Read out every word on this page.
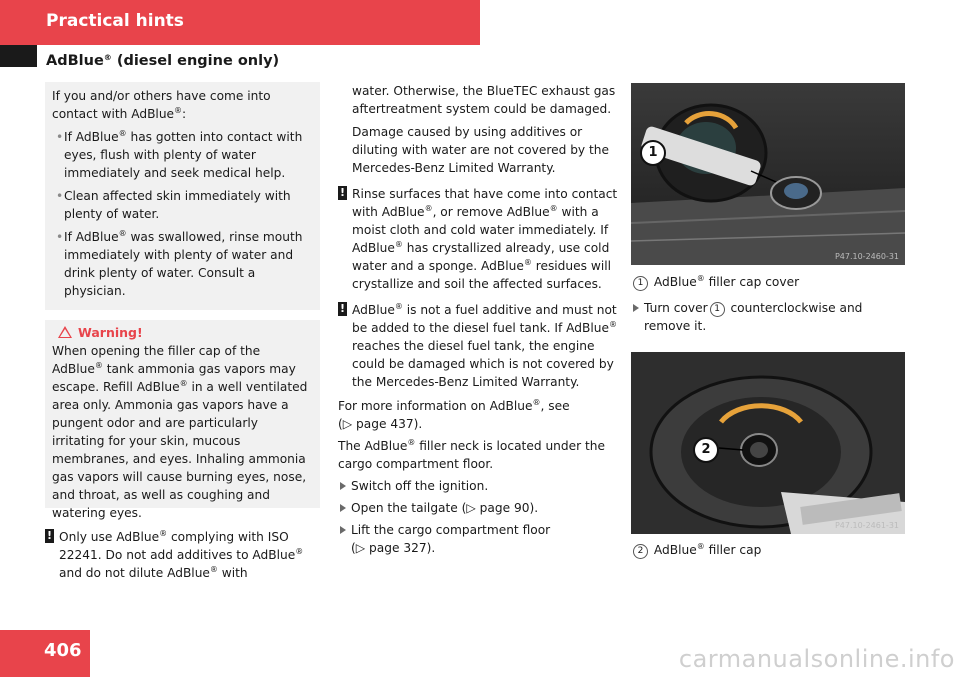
Practical hints
AdBlue® (diesel engine only)

If you and/or others have come into contact with AdBlue®:

• If AdBlue® has gotten into contact with eyes, flush with plenty of water immediately and seek medical help.

• Clean affected skin immediately with plenty of water.

• If AdBlue® was swallowed, rinse mouth immediately with plenty of water and drink plenty of water. Consult a physician.

Warning!

When opening the filler cap of the AdBlue® tank ammonia gas vapors may escape. Refill AdBlue® in a well ventilated area only. Ammonia gas vapors have a pungent odor and are particularly irritating for your skin, mucous membranes, and eyes. Inhaling ammonia gas vapors will cause burning eyes, nose, and throat, as well as coughing and watering eyes.

! Only use AdBlue® complying with ISO 22241. Do not add additives to AdBlue® and do not dilute AdBlue® with

water. Otherwise, the BlueTEC exhaust gas aftertreatment system could be damaged.

Damage caused by using additives or diluting with water are not covered by the Mercedes-Benz Limited Warranty.

! Rinse surfaces that have come into contact with AdBlue®, or remove AdBlue® with a moist cloth and cold water immediately. If AdBlue® has crystallized already, use cold water and a sponge. AdBlue® residues will crystallize and soil the affected surfaces.

! AdBlue® is not a fuel additive and must not be added to the diesel fuel tank. If AdBlue® reaches the diesel fuel tank, the engine could be damaged which is not covered by the Mercedes-Benz Limited Warranty.

For more information on AdBlue®, see
(▷ page 437).

The AdBlue® filler neck is located under the cargo compartment floor.

Switch off the ignition.

Open the tailgate (▷ page 90).

Lift the cargo compartment floor
(▷ page 327).

1
P47.10-2460-31

1 AdBlue® filler cap cover

Turn cover 1 counterclockwise and remove it.

2
P47.10-2461-31

2 AdBlue® filler cap

406	carmanualsonline.info
